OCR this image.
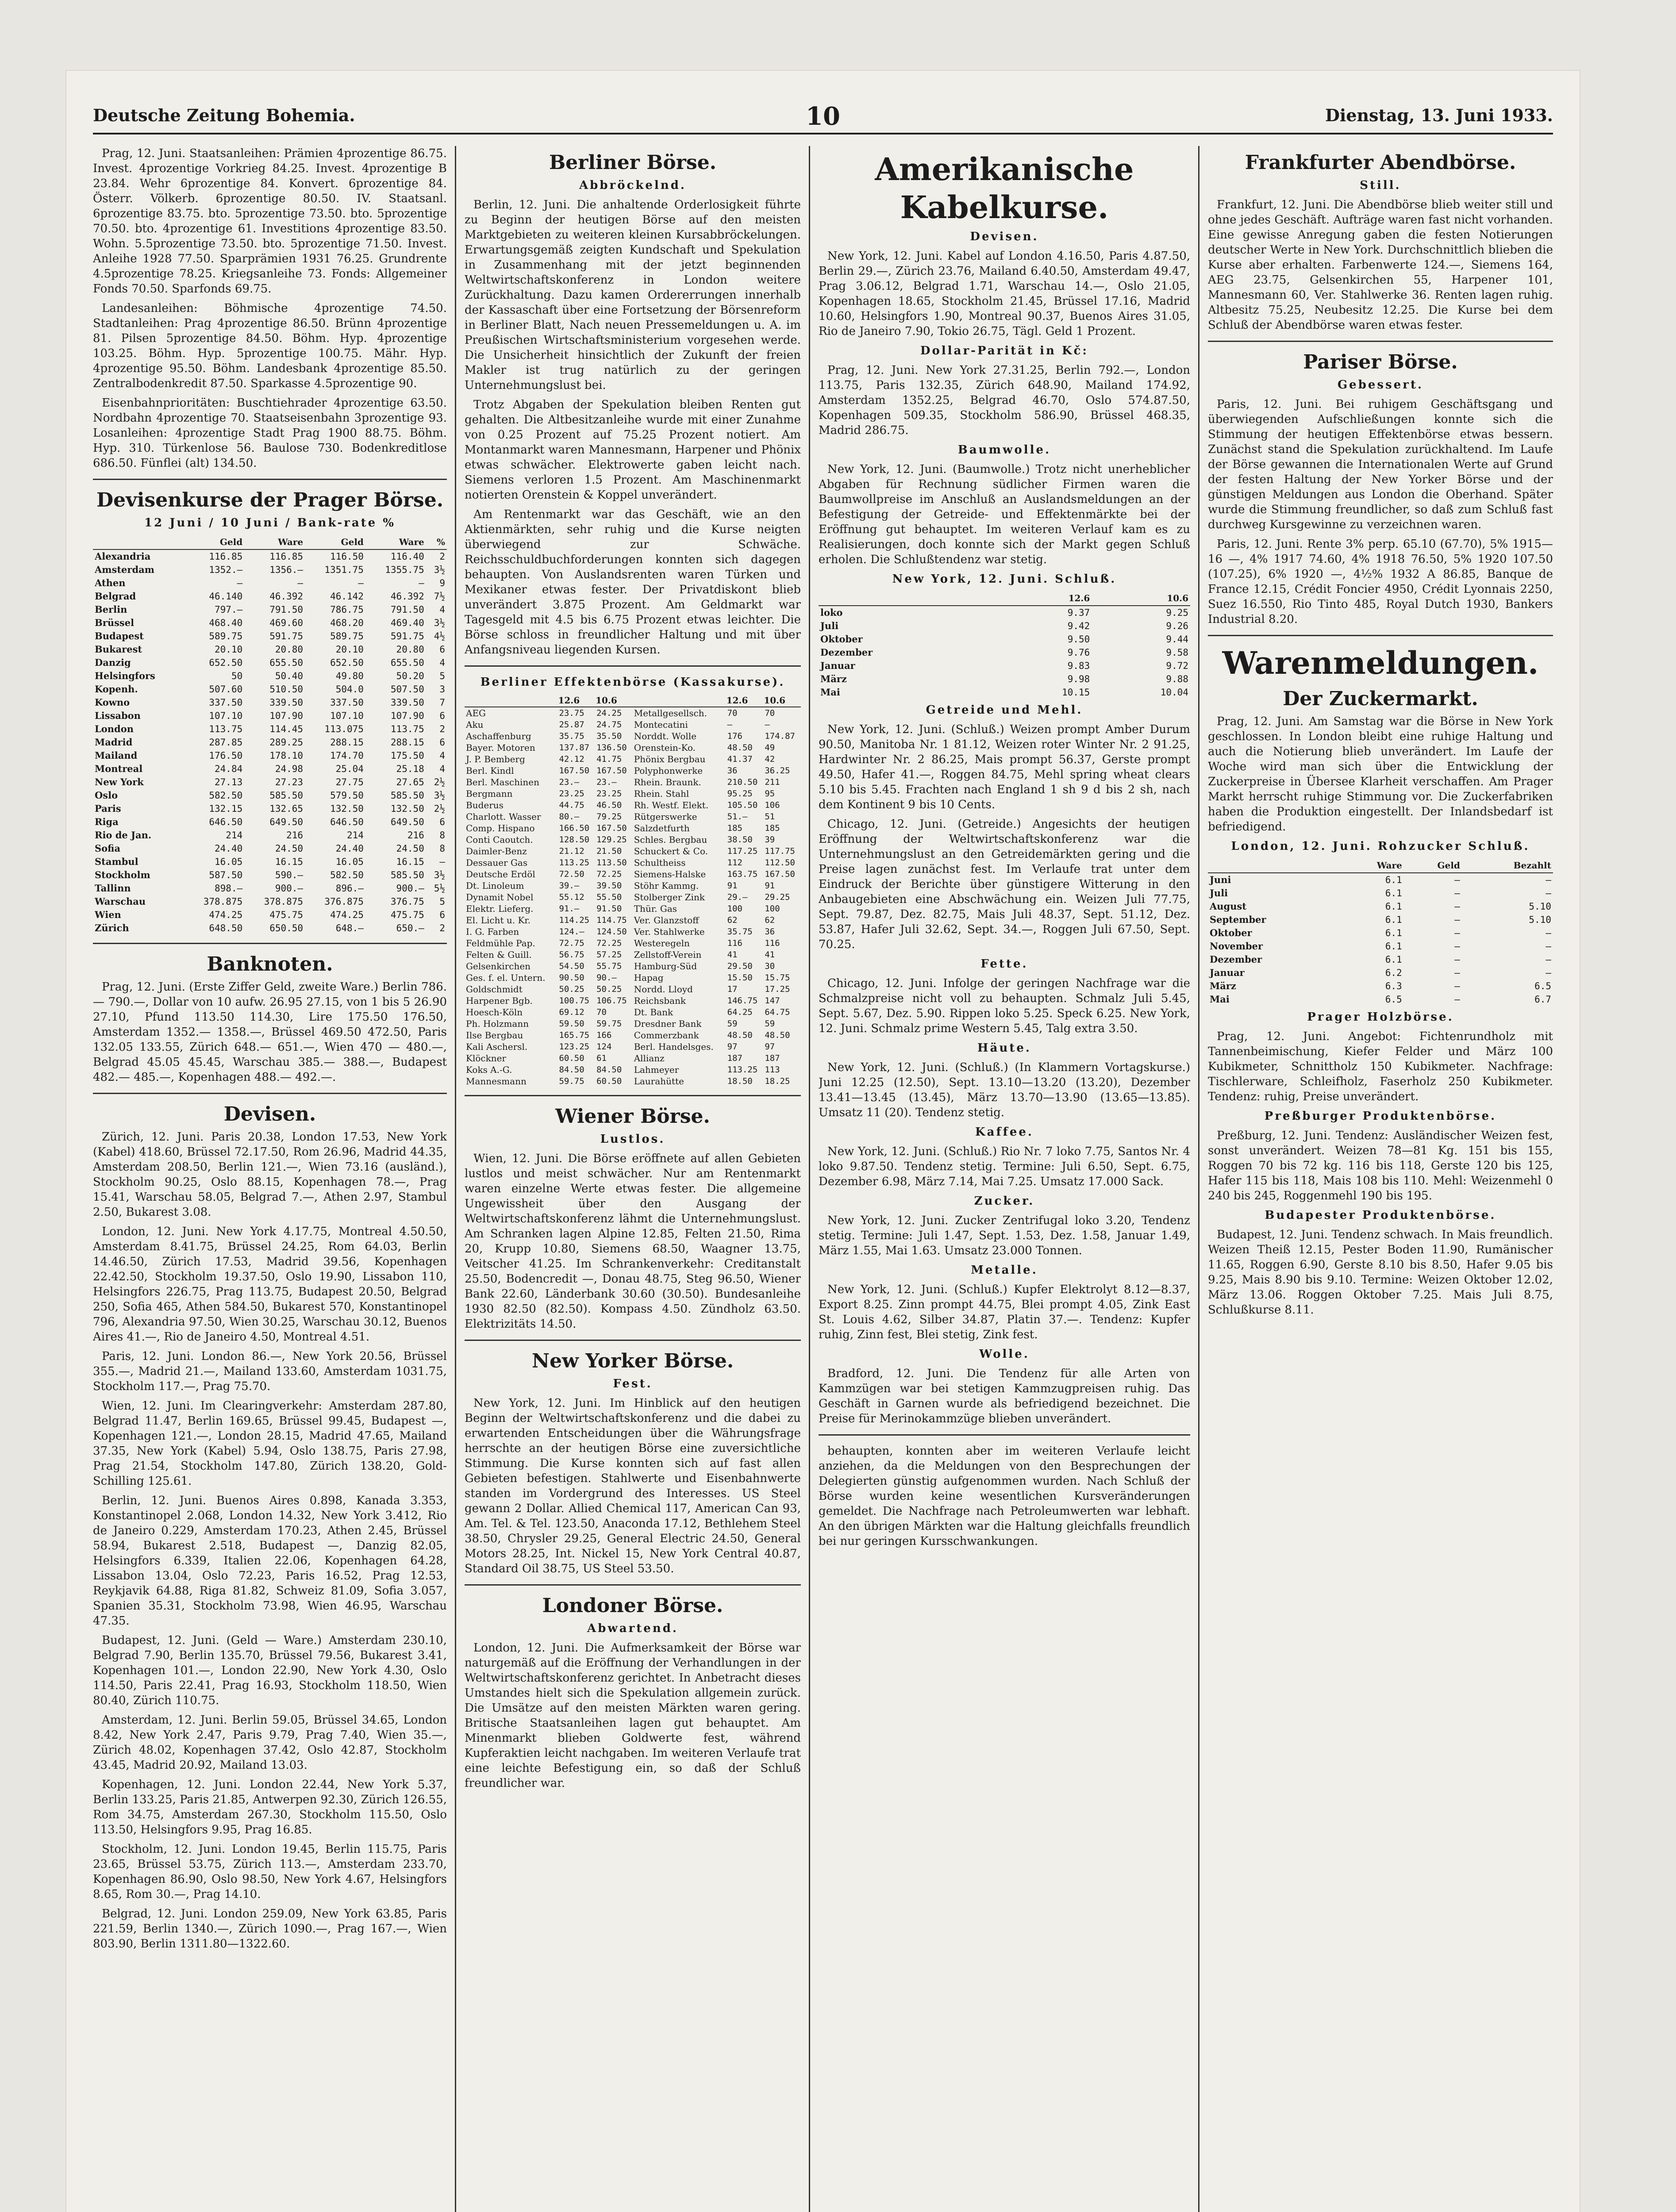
Deutsche Zeitung Bohemia.	10	Dienstag, 13. Juni 1933.

Prag, 12. Juni. Staatsanleihen: Prämien 4prozentige 86.75. Invest. 4prozentige Vorkrieg 84.25. Invest. 4prozentige B 23.84. Wehr 6prozentige 84. Konvert. 6prozentige 84. Österr. Völkerb. 6prozentige 80.50. IV. Staatsanl. 6prozentige 83.75. bto. 5prozentige 73.50. bto. 5prozentige 70.50. bto. 4prozentige 61. Investitions 4prozentige 83.50. Wohn. 5.5prozentige 73.50. bto. 5prozentige 71.50. Invest. Anleihe 1928 77.50. Sparprämien 1931 76.25. Grundrente 4.5prozentige 78.25. Kriegsanleihe 73. Fonds: Allgemeiner Fonds 70.50. Sparfonds 69.75.

Landesanleihen: Böhmische 4prozentige 74.50. Stadtanleihen: Prag 4prozentige 86.50. Brünn 4prozentige 81. Pilsen 5prozentige 84.50. Böhm. Hyp. 4prozentige 103.25. Böhm. Hyp. 5prozentige 100.75. Mähr. Hyp. 4prozentige 95.50. Böhm. Landesbank 4prozentige 85.50. Zentralbodenkredit 87.50. Sparkasse 4.5prozentige 90.

Eisenbahnprioritäten: Buschtiehrader 4prozentige 63.50. Nordbahn 4prozentige 70. Staatseisenbahn 3prozentige 93. Losanleihen: 4prozentige Stadt Prag 1900 88.75. Böhm. Hyp. 310. Türkenlose 56. Baulose 730. Bodenkreditlose 686.50. Fünflei (alt) 134.50.

Devisenkurse der Prager Börse.
12 Juni / 10 Juni / Bank-rate %
	Geld	Ware	Geld	Ware	%
Alexandria	116.85	116.85	116.50	116.40	2
Amsterdam	1352.—	1356.—	1351.75	1355.75	3½
Athen	—	—	—	—	9
Belgrad	46.140	46.392	46.142	46.392	7½
Berlin	797.—	791.50	786.75	791.50	4
Brüssel	468.40	469.60	468.20	469.40	3½
Budapest	589.75	591.75	589.75	591.75	4½
Bukarest	20.10	20.80	20.10	20.80	6
Danzig	652.50	655.50	652.50	655.50	4
Helsingfors	50	50.40	49.80	50.20	5
Kopenh.	507.60	510.50	504.0	507.50	3
Kowno	337.50	339.50	337.50	339.50	7
Lissabon	107.10	107.90	107.10	107.90	6
London	113.75	114.45	113.075	113.75	2
Madrid	287.85	289.25	288.15	288.15	6
Mailand	176.50	178.10	174.70	175.50	4
Montreal	24.84	24.98	25.04	25.18	4
New York	27.13	27.23	27.75	27.65	2½
Oslo	582.50	585.50	579.50	585.50	3½
Paris	132.15	132.65	132.50	132.50	2½
Riga	646.50	649.50	646.50	649.50	6
Rio de Jan.	214	216	214	216	8
Sofia	24.40	24.50	24.40	24.50	8
Stambul	16.05	16.15	16.05	16.15	—
Stockholm	587.50	590.—	582.50	585.50	3½
Tallinn	898.—	900.—	896.—	900.—	5½
Warschau	378.875	378.875	376.875	376.75	5
Wien	474.25	475.75	474.25	475.75	6
Zürich	648.50	650.50	648.—	650.—	2
Banknoten.

Prag, 12. Juni. (Erste Ziffer Geld, zweite Ware.) Berlin 786.— 790.—, Dollar von 10 aufw. 26.95 27.15, von 1 bis 5 26.90 27.10, Pfund 113.50 114.30, Lire 175.50 176.50, Amsterdam 1352.— 1358.—, Brüssel 469.50 472.50, Paris 132.05 133.55, Zürich 648.— 651.—, Wien 470 — 480.—, Belgrad 45.05 45.45, Warschau 385.— 388.—, Budapest 482.— 485.—, Kopenhagen 488.— 492.—.

Devisen.

Zürich, 12. Juni. Paris 20.38, London 17.53, New York (Kabel) 418.60, Brüssel 72.17.50, Rom 26.96, Madrid 44.35, Amsterdam 208.50, Berlin 121.—, Wien 73.16 (ausländ.), Stockholm 90.25, Oslo 88.15, Kopenhagen 78.—, Prag 15.41, Warschau 58.05, Belgrad 7.—, Athen 2.97, Stambul 2.50, Bukarest 3.08.

London, 12. Juni. New York 4.17.75, Montreal 4.50.50, Amsterdam 8.41.75, Brüssel 24.25, Rom 64.03, Berlin 14.46.50, Zürich 17.53, Madrid 39.56, Kopenhagen 22.42.50, Stockholm 19.37.50, Oslo 19.90, Lissabon 110, Helsingfors 226.75, Prag 113.75, Budapest 20.50, Belgrad 250, Sofia 465, Athen 584.50, Bukarest 570, Konstantinopel 796, Alexandria 97.50, Wien 30.25, Warschau 30.12, Buenos Aires 41.—, Rio de Janeiro 4.50, Montreal 4.51.

Paris, 12. Juni. London 86.—, New York 20.56, Brüssel 355.—, Madrid 21.—, Mailand 133.60, Amsterdam 1031.75, Stockholm 117.—, Prag 75.70.

Wien, 12. Juni. Im Clearingverkehr: Amsterdam 287.80, Belgrad 11.47, Berlin 169.65, Brüssel 99.45, Budapest —, Kopenhagen 121.—, London 28.15, Madrid 47.65, Mailand 37.35, New York (Kabel) 5.94, Oslo 138.75, Paris 27.98, Prag 21.54, Stockholm 147.80, Zürich 138.20, Gold-Schilling 125.61.

Berlin, 12. Juni. Buenos Aires 0.898, Kanada 3.353, Konstantinopel 2.068, London 14.32, New York 3.412, Rio de Janeiro 0.229, Amsterdam 170.23, Athen 2.45, Brüssel 58.94, Bukarest 2.518, Budapest —, Danzig 82.05, Helsingfors 6.339, Italien 22.06, Kopenhagen 64.28, Lissabon 13.04, Oslo 72.23, Paris 16.52, Prag 12.53, Reykjavik 64.88, Riga 81.82, Schweiz 81.09, Sofia 3.057, Spanien 35.31, Stockholm 73.98, Wien 46.95, Warschau 47.35.

Budapest, 12. Juni. (Geld — Ware.) Amsterdam 230.10, Belgrad 7.90, Berlin 135.70, Brüssel 79.56, Bukarest 3.41, Kopenhagen 101.—, London 22.90, New York 4.30, Oslo 114.50, Paris 22.41, Prag 16.93, Stockholm 118.50, Wien 80.40, Zürich 110.75.

Amsterdam, 12. Juni. Berlin 59.05, Brüssel 34.65, London 8.42, New York 2.47, Paris 9.79, Prag 7.40, Wien 35.—, Zürich 48.02, Kopenhagen 37.42, Oslo 42.87, Stockholm 43.45, Madrid 20.92, Mailand 13.03.

Kopenhagen, 12. Juni. London 22.44, New York 5.37, Berlin 133.25, Paris 21.85, Antwerpen 92.30, Zürich 126.55, Rom 34.75, Amsterdam 267.30, Stockholm 115.50, Oslo 113.50, Helsingfors 9.95, Prag 16.85.

Stockholm, 12. Juni. London 19.45, Berlin 115.75, Paris 23.65, Brüssel 53.75, Zürich 113.—, Amsterdam 233.70, Kopenhagen 86.90, Oslo 98.50, New York 4.67, Helsingfors 8.65, Rom 30.—, Prag 14.10.

Belgrad, 12. Juni. London 259.09, New York 63.85, Paris 221.59, Berlin 1340.—, Zürich 1090.—, Prag 167.—, Wien 803.90, Berlin 1311.80—1322.60.

Berliner Börse.
Abbröckelnd.

Berlin, 12. Juni. Die anhaltende Orderlosigkeit führte zu Beginn der heutigen Börse auf den meisten Marktgebieten zu weiteren kleinen Kursabbröckelungen. Erwartungsgemäß zeigten Kundschaft und Spekulation in Zusammenhang mit der jetzt beginnenden Weltwirtschaftskonferenz in London weitere Zurückhaltung. Dazu kamen Ordererrungen innerhalb der Kassaschaft über eine Fortsetzung der Börsenreform in Berliner Blatt, Nach neuen Pressemeldungen u. A. im Preußischen Wirtschaftsministerium vorgesehen werde. Die Unsicherheit hinsichtlich der Zukunft der freien Makler ist trug natürlich zu der geringen Unternehmungslust bei.

Trotz Abgaben der Spekulation bleiben Renten gut gehalten. Die Altbesitzanleihe wurde mit einer Zunahme von 0.25 Prozent auf 75.25 Prozent notiert. Am Montanmarkt waren Mannesmann, Harpener und Phönix etwas schwächer. Elektrowerte gaben leicht nach. Siemens verloren 1.5 Prozent. Am Maschinenmarkt notierten Orenstein & Koppel unverändert.

Am Rentenmarkt war das Geschäft, wie an den Aktienmärkten, sehr ruhig und die Kurse neigten überwiegend zur Schwäche. Reichsschuldbuchforderungen konnten sich dagegen behaupten. Von Auslandsrenten waren Türken und Mexikaner etwas fester. Der Privatdiskont blieb unverändert 3.875 Prozent. Am Geldmarkt war Tagesgeld mit 4.5 bis 6.75 Prozent etwas leichter. Die Börse schloss in freundlicher Haltung und mit über Anfangsniveau liegenden Kursen.

Berliner Effektenbörse (Kassakurse).
	12.6	10.6		12.6	10.6
AEG	23.75	24.25	Metallgesellsch.	70	70
Aku	25.87	24.75	Montecatini	—	—
Aschaffenburg	35.75	35.50	Norddt. Wolle	176	174.87
Bayer. Motoren	137.87	136.50	Orenstein-Ko.	48.50	49
J. P. Bemberg	42.12	41.75	Phönix Bergbau	41.37	42
Berl. Kindl	167.50	167.50	Polyphonwerke	36	36.25
Berl. Maschinen	23.—	23.—	Rhein. Braunk.	210.50	211
Bergmann	23.25	23.25	Rhein. Stahl	95.25	95
Buderus	44.75	46.50	Rh. Westf. Elekt.	105.50	106
Charlott. Wasser	80.—	79.25	Rütgerswerke	51.—	51
Comp. Hispano	166.50	167.50	Salzdetfurth	185	185
Conti Caoutch.	128.50	129.25	Schles. Bergbau	38.50	39
Daimler-Benz	21.12	21.50	Schuckert & Co.	117.25	117.75
Dessauer Gas	113.25	113.50	Schultheiss	112	112.50
Deutsche Erdöl	72.50	72.25	Siemens-Halske	163.75	167.50
Dt. Linoleum	39.—	39.50	Stöhr Kammg.	91	91
Dynamit Nobel	55.12	55.50	Stolberger Zink	29.—	29.25
Elektr. Lieferg.	91.—	91.50	Thür. Gas	100	100
El. Licht u. Kr.	114.25	114.75	Ver. Glanzstoff	62	62
I. G. Farben	124.—	124.50	Ver. Stahlwerke	35.75	36
Feldmühle Pap.	72.75	72.25	Westeregeln	116	116
Felten & Guill.	56.75	57.25	Zellstoff-Verein	41	41
Gelsenkirchen	54.50	55.75	Hamburg-Süd	29.50	30
Ges. f. el. Untern.	90.50	90.—	Hapag	15.50	15.75
Goldschmidt	50.25	50.25	Nordd. Lloyd	17	17.25
Harpener Bgb.	100.75	106.75	Reichsbank	146.75	147
Hoesch-Köln	69.12	70	Dt. Bank	64.25	64.75
Ph. Holzmann	59.50	59.75	Dresdner Bank	59	59
Ilse Bergbau	165.75	166	Commerzbank	48.50	48.50
Kali Aschersl.	123.25	124	Berl. Handelsges.	97	97
Klöckner	60.50	61	Allianz	187	187
Koks A.-G.	84.50	84.50	Lahmeyer	113.25	113
Mannesmann	59.75	60.50	Laurahütte	18.50	18.25
Wiener Börse.
Lustlos.

Wien, 12. Juni. Die Börse eröffnete auf allen Gebieten lustlos und meist schwächer. Nur am Rentenmarkt waren einzelne Werte etwas fester. Die allgemeine Ungewissheit über den Ausgang der Weltwirtschaftskonferenz lähmt die Unternehmungslust. Am Schranken lagen Alpine 12.85, Felten 21.50, Rima 20, Krupp 10.80, Siemens 68.50, Waagner 13.75, Veitscher 41.25. Im Schrankenverkehr: Creditanstalt 25.50, Bodencredit —, Donau 48.75, Steg 96.50, Wiener Bank 22.60, Länderbank 30.60 (30.50). Bundesanleihe 1930 82.50 (82.50). Kompass 4.50. Zündholz 63.50. Elektrizitäts 14.50.

New Yorker Börse.
Fest.

New York, 12. Juni. Im Hinblick auf den heutigen Beginn der Weltwirtschaftskonferenz und die dabei zu erwartenden Entscheidungen über die Währungsfrage herrschte an der heutigen Börse eine zuversichtliche Stimmung. Die Kurse konnten sich auf fast allen Gebieten befestigen. Stahlwerte und Eisenbahnwerte standen im Vordergrund des Interesses. US Steel gewann 2 Dollar. Allied Chemical 117, American Can 93, Am. Tel. & Tel. 123.50, Anaconda 17.12, Bethlehem Steel 38.50, Chrysler 29.25, General Electric 24.50, General Motors 28.25, Int. Nickel 15, New York Central 40.87, Standard Oil 38.75, US Steel 53.50.

Londoner Börse.
Abwartend.

London, 12. Juni. Die Aufmerksamkeit der Börse war naturgemäß auf die Eröffnung der Verhandlungen in der Weltwirtschaftskonferenz gerichtet. In Anbetracht dieses Umstandes hielt sich die Spekulation allgemein zurück. Die Umsätze auf den meisten Märkten waren gering. Britische Staatsanleihen lagen gut behauptet. Am Minenmarkt blieben Goldwerte fest, während Kupferaktien leicht nachgaben. Im weiteren Verlaufe trat eine leichte Befestigung ein, so daß der Schluß freundlicher war.

Amerikanische Kabelkurse.
Devisen.

New York, 12. Juni. Kabel auf London 4.16.50, Paris 4.87.50, Berlin 29.—, Zürich 23.76, Mailand 6.40.50, Amsterdam 49.47, Prag 3.06.12, Belgrad 1.71, Warschau 14.—, Oslo 21.05, Kopenhagen 18.65, Stockholm 21.45, Brüssel 17.16, Madrid 10.60, Helsingfors 1.90, Montreal 90.37, Buenos Aires 31.05, Rio de Janeiro 7.90, Tokio 26.75, Tägl. Geld 1 Prozent.

Dollar-Parität in Kč:

Prag, 12. Juni. New York 27.31.25, Berlin 792.—, London 113.75, Paris 132.35, Zürich 648.90, Mailand 174.92, Amsterdam 1352.25, Belgrad 46.70, Oslo 574.87.50, Kopenhagen 509.35, Stockholm 586.90, Brüssel 468.35, Madrid 286.75.

Baumwolle.

New York, 12. Juni. (Baumwolle.) Trotz nicht unerheblicher Abgaben für Rechnung südlicher Firmen waren die Baumwollpreise im Anschluß an Auslandsmeldungen an der Befestigung der Getreide- und Effektenmärkte bei der Eröffnung gut behauptet. Im weiteren Verlauf kam es zu Realisierungen, doch konnte sich der Markt gegen Schluß erholen. Die Schlußtendenz war stetig.

New York, 12. Juni. Schluß.
	12.6	10.6
loko	9.37	9.25
Juli	9.42	9.26
Oktober	9.50	9.44
Dezember	9.76	9.58
Januar	9.83	9.72
März	9.98	9.88
Mai	10.15	10.04
Getreide und Mehl.

New York, 12. Juni. (Schluß.) Weizen prompt Amber Durum 90.50, Manitoba Nr. 1 81.12, Weizen roter Winter Nr. 2 91.25, Hardwinter Nr. 2 86.25, Mais prompt 56.37, Gerste prompt 49.50, Hafer 41.—, Roggen 84.75, Mehl spring wheat clears 5.10 bis 5.45. Frachten nach England 1 sh 9 d bis 2 sh, nach dem Kontinent 9 bis 10 Cents.

Chicago, 12. Juni. (Getreide.) Angesichts der heutigen Eröffnung der Weltwirtschaftskonferenz war die Unternehmungslust an den Getreidemärkten gering und die Preise lagen zunächst fest. Im Verlaufe trat unter dem Eindruck der Berichte über günstigere Witterung in den Anbaugebieten eine Abschwächung ein. Weizen Juli 77.75, Sept. 79.87, Dez. 82.75, Mais Juli 48.37, Sept. 51.12, Dez. 53.87, Hafer Juli 32.62, Sept. 34.—, Roggen Juli 67.50, Sept. 70.25.

Fette.

Chicago, 12. Juni. Infolge der geringen Nachfrage war die Schmalzpreise nicht voll zu behaupten. Schmalz Juli 5.45, Sept. 5.67, Dez. 5.90. Rippen loko 5.25. Speck 6.25. New York, 12. Juni. Schmalz prime Western 5.45, Talg extra 3.50.

Häute.

New York, 12. Juni. (Schluß.) (In Klammern Vortagskurse.) Juni 12.25 (12.50), Sept. 13.10—13.20 (13.20), Dezember 13.41—13.45 (13.45), März 13.70—13.90 (13.65—13.85). Umsatz 11 (20). Tendenz stetig.

Kaffee.

New York, 12. Juni. (Schluß.) Rio Nr. 7 loko 7.75, Santos Nr. 4 loko 9.87.50. Tendenz stetig. Termine: Juli 6.50, Sept. 6.75, Dezember 6.98, März 7.14, Mai 7.25. Umsatz 17.000 Sack.

Zucker.

New York, 12. Juni. Zucker Zentrifugal loko 3.20, Tendenz stetig. Termine: Juli 1.47, Sept. 1.53, Dez. 1.58, Januar 1.49, März 1.55, Mai 1.63. Umsatz 23.000 Tonnen.

Metalle.

New York, 12. Juni. (Schluß.) Kupfer Elektrolyt 8.12—8.37, Export 8.25. Zinn prompt 44.75, Blei prompt 4.05, Zink East St. Louis 4.62, Silber 34.87, Platin 37.—. Tendenz: Kupfer ruhig, Zinn fest, Blei stetig, Zink fest.

Wolle.

Bradford, 12. Juni. Die Tendenz für alle Arten von Kammzügen war bei stetigen Kammzugpreisen ruhig. Das Geschäft in Garnen wurde als befriedigend bezeichnet. Die Preise für Merinokammzüge blieben unverändert.

behaupten, konnten aber im weiteren Verlaufe leicht anziehen, da die Meldungen von den Besprechungen der Delegierten günstig aufgenommen wurden. Nach Schluß der Börse wurden keine wesentlichen Kursveränderungen gemeldet. Die Nachfrage nach Petroleumwerten war lebhaft. An den übrigen Märkten war die Haltung gleichfalls freundlich bei nur geringen Kursschwankungen.

Frankfurter Abendbörse.
Still.

Frankfurt, 12. Juni. Die Abendbörse blieb weiter still und ohne jedes Geschäft. Aufträge waren fast nicht vorhanden. Eine gewisse Anregung gaben die festen Notierungen deutscher Werte in New York. Durchschnittlich blieben die Kurse aber erhalten. Farbenwerte 124.—, Siemens 164, AEG 23.75, Gelsenkirchen 55, Harpener 101, Mannesmann 60, Ver. Stahlwerke 36. Renten lagen ruhig. Altbesitz 75.25, Neubesitz 12.25. Die Kurse bei dem Schluß der Abendbörse waren etwas fester.

Pariser Börse.
Gebessert.

Paris, 12. Juni. Bei ruhigem Geschäftsgang und überwiegenden Aufschließungen konnte sich die Stimmung der heutigen Effektenbörse etwas bessern. Zunächst stand die Spekulation zurückhaltend. Im Laufe der Börse gewannen die Internationalen Werte auf Grund der festen Haltung der New Yorker Börse und der günstigen Meldungen aus London die Oberhand. Später wurde die Stimmung freundlicher, so daß zum Schluß fast durchweg Kursgewinne zu verzeichnen waren.

Paris, 12. Juni. Rente 3% perp. 65.10 (67.70), 5% 1915—16 —, 4% 1917 74.60, 4% 1918 76.50, 5% 1920 107.50 (107.25), 6% 1920 —, 4½% 1932 A 86.85, Banque de France 12.15, Crédit Foncier 4950, Crédit Lyonnais 2250, Suez 16.550, Rio Tinto 485, Royal Dutch 1930, Bankers Industrial 8.20.

Warenmeldungen.
Der Zuckermarkt.

Prag, 12. Juni. Am Samstag war die Börse in New York geschlossen. In London bleibt eine ruhige Haltung und auch die Notierung blieb unverändert. Im Laufe der Woche wird man sich über die Entwicklung der Zuckerpreise in Übersee Klarheit verschaffen. Am Prager Markt herrscht ruhige Stimmung vor. Die Zuckerfabriken haben die Produktion eingestellt. Der Inlandsbedarf ist befriedigend.

London, 12. Juni. Rohzucker Schluß.
	Ware	Geld	Bezahlt
Juni	6.1	—	—
Juli	6.1	—	—
August	6.1	—	5.10
September	6.1	—	5.10
Oktober	6.1	—	—
November	6.1	—	—
Dezember	6.1	—	—
Januar	6.2	—	—
März	6.3	—	6.5
Mai	6.5	—	6.7
Prager Holzbörse.

Prag, 12. Juni. Angebot: Fichtenrundholz mit Tannenbeimischung, Kiefer Felder und März 100 Kubikmeter, Schnittholz 150 Kubikmeter. Nachfrage: Tischlerware, Schleifholz, Faserholz 250 Kubikmeter. Tendenz: ruhig, Preise unverändert.

Preßburger Produktenbörse.

Preßburg, 12. Juni. Tendenz: Ausländischer Weizen fest, sonst unverändert. Weizen 78—81 Kg. 151 bis 155, Roggen 70 bis 72 kg. 116 bis 118, Gerste 120 bis 125, Hafer 115 bis 118, Mais 108 bis 110. Mehl: Weizenmehl 0 240 bis 245, Roggenmehl 190 bis 195.

Budapester Produktenbörse.

Budapest, 12. Juni. Tendenz schwach. In Mais freundlich. Weizen Theiß 12.15, Pester Boden 11.90, Rumänischer 11.65, Roggen 6.90, Gerste 8.10 bis 8.50, Hafer 9.05 bis 9.25, Mais 8.90 bis 9.10. Termine: Weizen Oktober 12.02, März 13.06. Roggen Oktober 7.25. Mais Juli 8.75, Schlußkurse 8.11.
